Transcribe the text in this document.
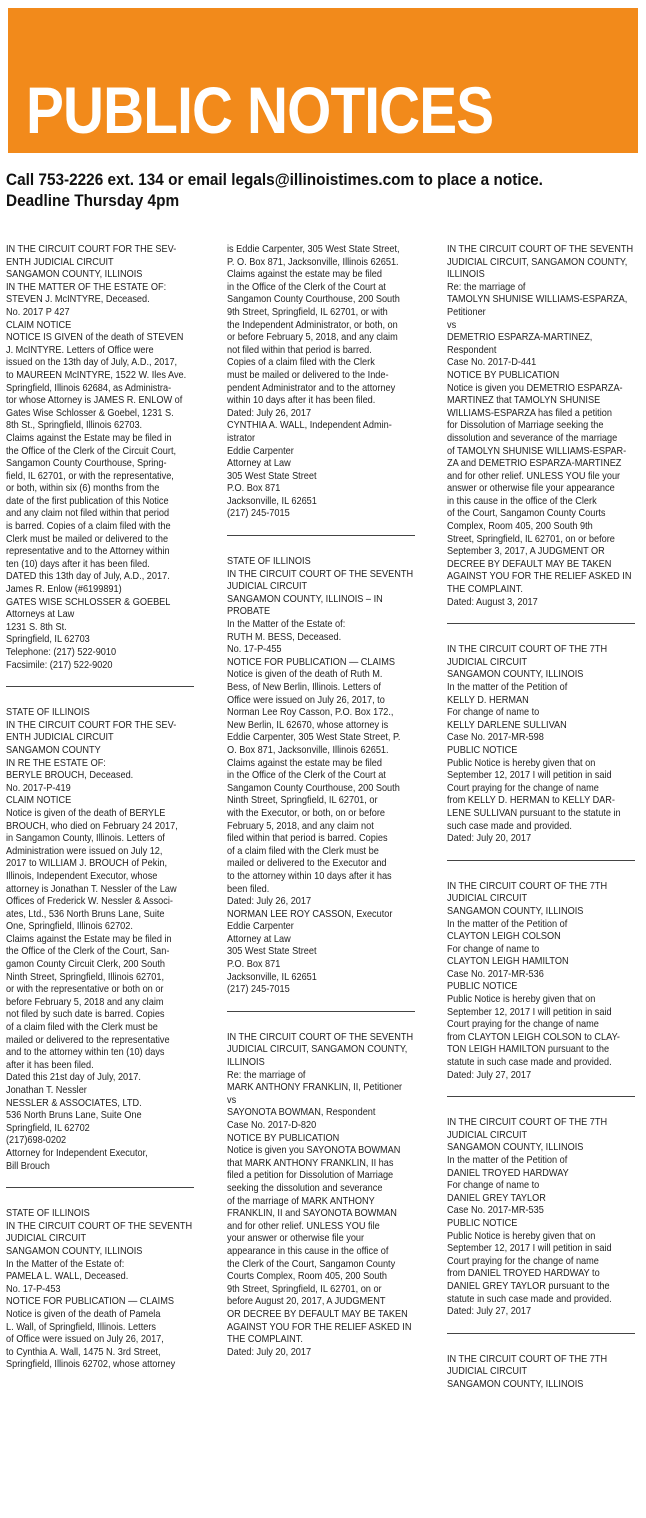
PUBLIC NOTICES
Call 753-2226 ext. 134 or email legals@illinoistimes.com to place a notice.
Deadline Thursday 4pm
IN THE CIRCUIT COURT FOR THE SEV-
ENTH JUDICIAL CIRCUIT
SANGAMON COUNTY, ILLINOIS
IN THE MATTER OF THE ESTATE OF:
STEVEN J. McINTYRE, Deceased.
No. 2017 P 427
CLAIM NOTICE
NOTICE IS GIVEN of the death of STEVEN
J. McINTYRE. Letters of Office were
issued on the 13th day of July, A.D., 2017,
to MAUREEN McINTYRE, 1522 W. Iles Ave.
Springfield, Illinois 62684, as Administra-
tor whose Attorney is JAMES R. ENLOW of
Gates Wise Schlosser & Goebel, 1231 S.
8th St., Springfield, Illinois 62703.
Claims against the Estate may be filed in
the Office of the Clerk of the Circuit Court,
Sangamon County Courthouse, Spring-
field, IL 62701, or with the representative,
or both, within six (6) months from the
date of the first publication of this Notice
and any claim not filed within that period
is barred. Copies of a claim filed with the
Clerk must be mailed or delivered to the
representative and to the Attorney within
ten (10) days after it has been filed.
DATED this 13th day of July, A.D., 2017.
James R. Enlow (#6199891)
GATES WISE SCHLOSSER & GOEBEL
Attorneys at Law
1231 S. 8th St.
Springfield, IL 62703
Telephone: (217) 522-9010
Facsimile: (217) 522-9020
STATE OF ILLINOIS
IN THE CIRCUIT COURT FOR THE SEV-
ENTH JUDICIAL CIRCUIT
SANGAMON COUNTY
IN RE THE ESTATE OF:
BERYLE BROUCH, Deceased.
No. 2017-P-419
CLAIM NOTICE
Notice is given of the death of BERYLE
BROUCH, who died on February 24 2017,
in Sangamon County, Illinois. Letters of
Administration were issued on July 12,
2017 to WILLIAM J. BROUCH of Pekin,
Illinois, Independent Executor, whose
attorney is Jonathan T. Nessler of the Law
Offices of Frederick W. Nessler & Associ-
ates, Ltd., 536 North Bruns Lane, Suite
One, Springfield, Illinois 62702.
Claims against the Estate may be filed in
the Office of the Clerk of the Court, San-
gamon County Circuit Clerk, 200 South
Ninth Street, Springfield, Illinois 62701,
or with the representative or both on or
before February 5, 2018 and any claim
not filed by such date is barred. Copies
of a claim filed with the Clerk must be
mailed or delivered to the representative
and to the attorney within ten (10) days
after it has been filed.
Dated this 21st day of July, 2017.
Jonathan T. Nessler
NESSLER & ASSOCIATES, LTD.
536 North Bruns Lane, Suite One
Springfield, IL 62702
(217)698-0202
Attorney for Independent Executor,
Bill Brouch
STATE OF ILLINOIS
IN THE CIRCUIT COURT OF THE SEVENTH
JUDICIAL CIRCUIT
SANGAMON COUNTY, ILLINOIS
In the Matter of the Estate of:
PAMELA L. WALL, Deceased.
No. 17-P-453
NOTICE FOR PUBLICATION — CLAIMS
Notice is given of the death of Pamela
L. Wall, of Springfield, Illinois. Letters
of Office were issued on July 26, 2017,
to Cynthia A. Wall, 1475 N. 3rd Street,
Springfield, Illinois 62702, whose attorney
is Eddie Carpenter, 305 West State Street,
P. O. Box 871, Jacksonville, Illinois 62651.
Claims against the estate may be filed
in the Office of the Clerk of the Court at
Sangamon County Courthouse, 200 South
9th Street, Springfield, IL 62701, or with
the Independent Administrator, or both, on
or before February 5, 2018, and any claim
not filed within that period is barred.
Copies of a claim filed with the Clerk
must be mailed or delivered to the Inde-
pendent Administrator and to the attorney
within 10 days after it has been filed.
Dated: July 26, 2017
CYNTHIA A. WALL, Independent Admin-
istrator
Eddie Carpenter
Attorney at Law
305 West State Street
P.O. Box 871
Jacksonville, IL 62651
(217) 245-7015
STATE OF ILLINOIS
IN THE CIRCUIT COURT OF THE SEVENTH
JUDICIAL CIRCUIT
SANGAMON COUNTY, ILLINOIS – IN
PROBATE
In the Matter of the Estate of:
RUTH M. BESS, Deceased.
No. 17-P-455
NOTICE FOR PUBLICATION — CLAIMS
Notice is given of the death of Ruth M.
Bess, of New Berlin, Illinois. Letters of
Office were issued on July 26, 2017, to
Norman Lee Roy Casson, P.O. Box 172.,
New Berlin, IL 62670, whose attorney is
Eddie Carpenter, 305 West State Street, P.
O. Box 871, Jacksonville, Illinois 62651.
Claims against the estate may be filed
in the Office of the Clerk of the Court at
Sangamon County Courthouse, 200 South
Ninth Street, Springfield, IL 62701, or
with the Executor, or both, on or before
February 5, 2018, and any claim not
filed within that period is barred. Copies
of a claim filed with the Clerk must be
mailed or delivered to the Executor and
to the attorney within 10 days after it has
been filed.
Dated: July 26, 2017
NORMAN LEE ROY CASSON, Executor
Eddie Carpenter
Attorney at Law
305 West State Street
P.O. Box 871
Jacksonville, IL 62651
(217) 245-7015
IN THE CIRCUIT COURT OF THE SEVENTH
JUDICIAL CIRCUIT, SANGAMON COUNTY,
ILLINOIS
Re: the marriage of
MARK ANTHONY FRANKLIN, II, Petitioner
vs
SAYONOTA BOWMAN, Respondent
Case No. 2017-D-820
NOTICE BY PUBLICATION
Notice is given you SAYONOTA BOWMAN
that MARK ANTHONY FRANKLIN, II has
filed a petition for Dissolution of Marriage
seeking the dissolution and severance
of the marriage of MARK ANTHONY
FRANKLIN, II and SAYONOTA BOWMAN
and for other relief. UNLESS YOU file
your answer or otherwise file your
appearance in this cause in the office of
the Clerk of the Court, Sangamon County
Courts Complex, Room 405, 200 South
9th Street, Springfield, IL 62701, on or
before August 20, 2017, A JUDGMENT
OR DECREE BY DEFAULT MAY BE TAKEN
AGAINST YOU FOR THE RELIEF ASKED IN
THE COMPLAINT.
Dated: July 20, 2017
IN THE CIRCUIT COURT OF THE SEVENTH
JUDICIAL CIRCUIT, SANGAMON COUNTY,
ILLINOIS
Re: the marriage of
TAMOLYN SHUNISE WILLIAMS-ESPARZA,
Petitioner
vs
DEMETRIO ESPARZA-MARTINEZ,
Respondent
Case No. 2017-D-441
NOTICE BY PUBLICATION
Notice is given you DEMETRIO ESPARZA-
MARTINEZ that TAMOLYN SHUNISE
WILLIAMS-ESPARZA has filed a petition
for Dissolution of Marriage seeking the
dissolution and severance of the marriage
of TAMOLYN SHUNISE WILLIAMS-ESPAR-
ZA and DEMETRIO ESPARZA-MARTINEZ
and for other relief. UNLESS YOU file your
answer or otherwise file your appearance
in this cause in the office of the Clerk
of the Court, Sangamon County Courts
Complex, Room 405, 200 South 9th
Street, Springfield, IL 62701, on or before
September 3, 2017, A JUDGMENT OR
DECREE BY DEFAULT MAY BE TAKEN
AGAINST YOU FOR THE RELIEF ASKED IN
THE COMPLAINT.
Dated: August 3, 2017
IN THE CIRCUIT COURT OF THE 7TH
JUDICIAL CIRCUIT
SANGAMON COUNTY, ILLINOIS
In the matter of the Petition of
KELLY D. HERMAN
For change of name to
KELLY DARLENE SULLIVAN
Case No. 2017-MR-598
PUBLIC NOTICE
Public Notice is hereby given that on
September 12, 2017 I will petition in said
Court praying for the change of name
from KELLY D. HERMAN to KELLY DAR-
LENE SULLIVAN pursuant to the statute in
such case made and provided.
Dated: July 20, 2017
IN THE CIRCUIT COURT OF THE 7TH
JUDICIAL CIRCUIT
SANGAMON COUNTY, ILLINOIS
In the matter of the Petition of
CLAYTON LEIGH COLSON
For change of name to
CLAYTON LEIGH HAMILTON
Case No. 2017-MR-536
PUBLIC NOTICE
Public Notice is hereby given that on
September 12, 2017 I will petition in said
Court praying for the change of name
from CLAYTON LEIGH COLSON to CLAY-
TON LEIGH HAMILTON pursuant to the
statute in such case made and provided.
Dated: July 27, 2017
IN THE CIRCUIT COURT OF THE 7TH
JUDICIAL CIRCUIT
SANGAMON COUNTY, ILLINOIS
In the matter of the Petition of
DANIEL TROYED HARDWAY
For change of name to
DANIEL GREY TAYLOR
Case No. 2017-MR-535
PUBLIC NOTICE
Public Notice is hereby given that on
September 12, 2017 I will petition in said
Court praying for the change of name
from DANIEL TROYED HARDWAY to
DANIEL GREY TAYLOR pursuant to the
statute in such case made and provided.
Dated: July 27, 2017
IN THE CIRCUIT COURT OF THE 7TH
JUDICIAL CIRCUIT
SANGAMON COUNTY, ILLINOIS
